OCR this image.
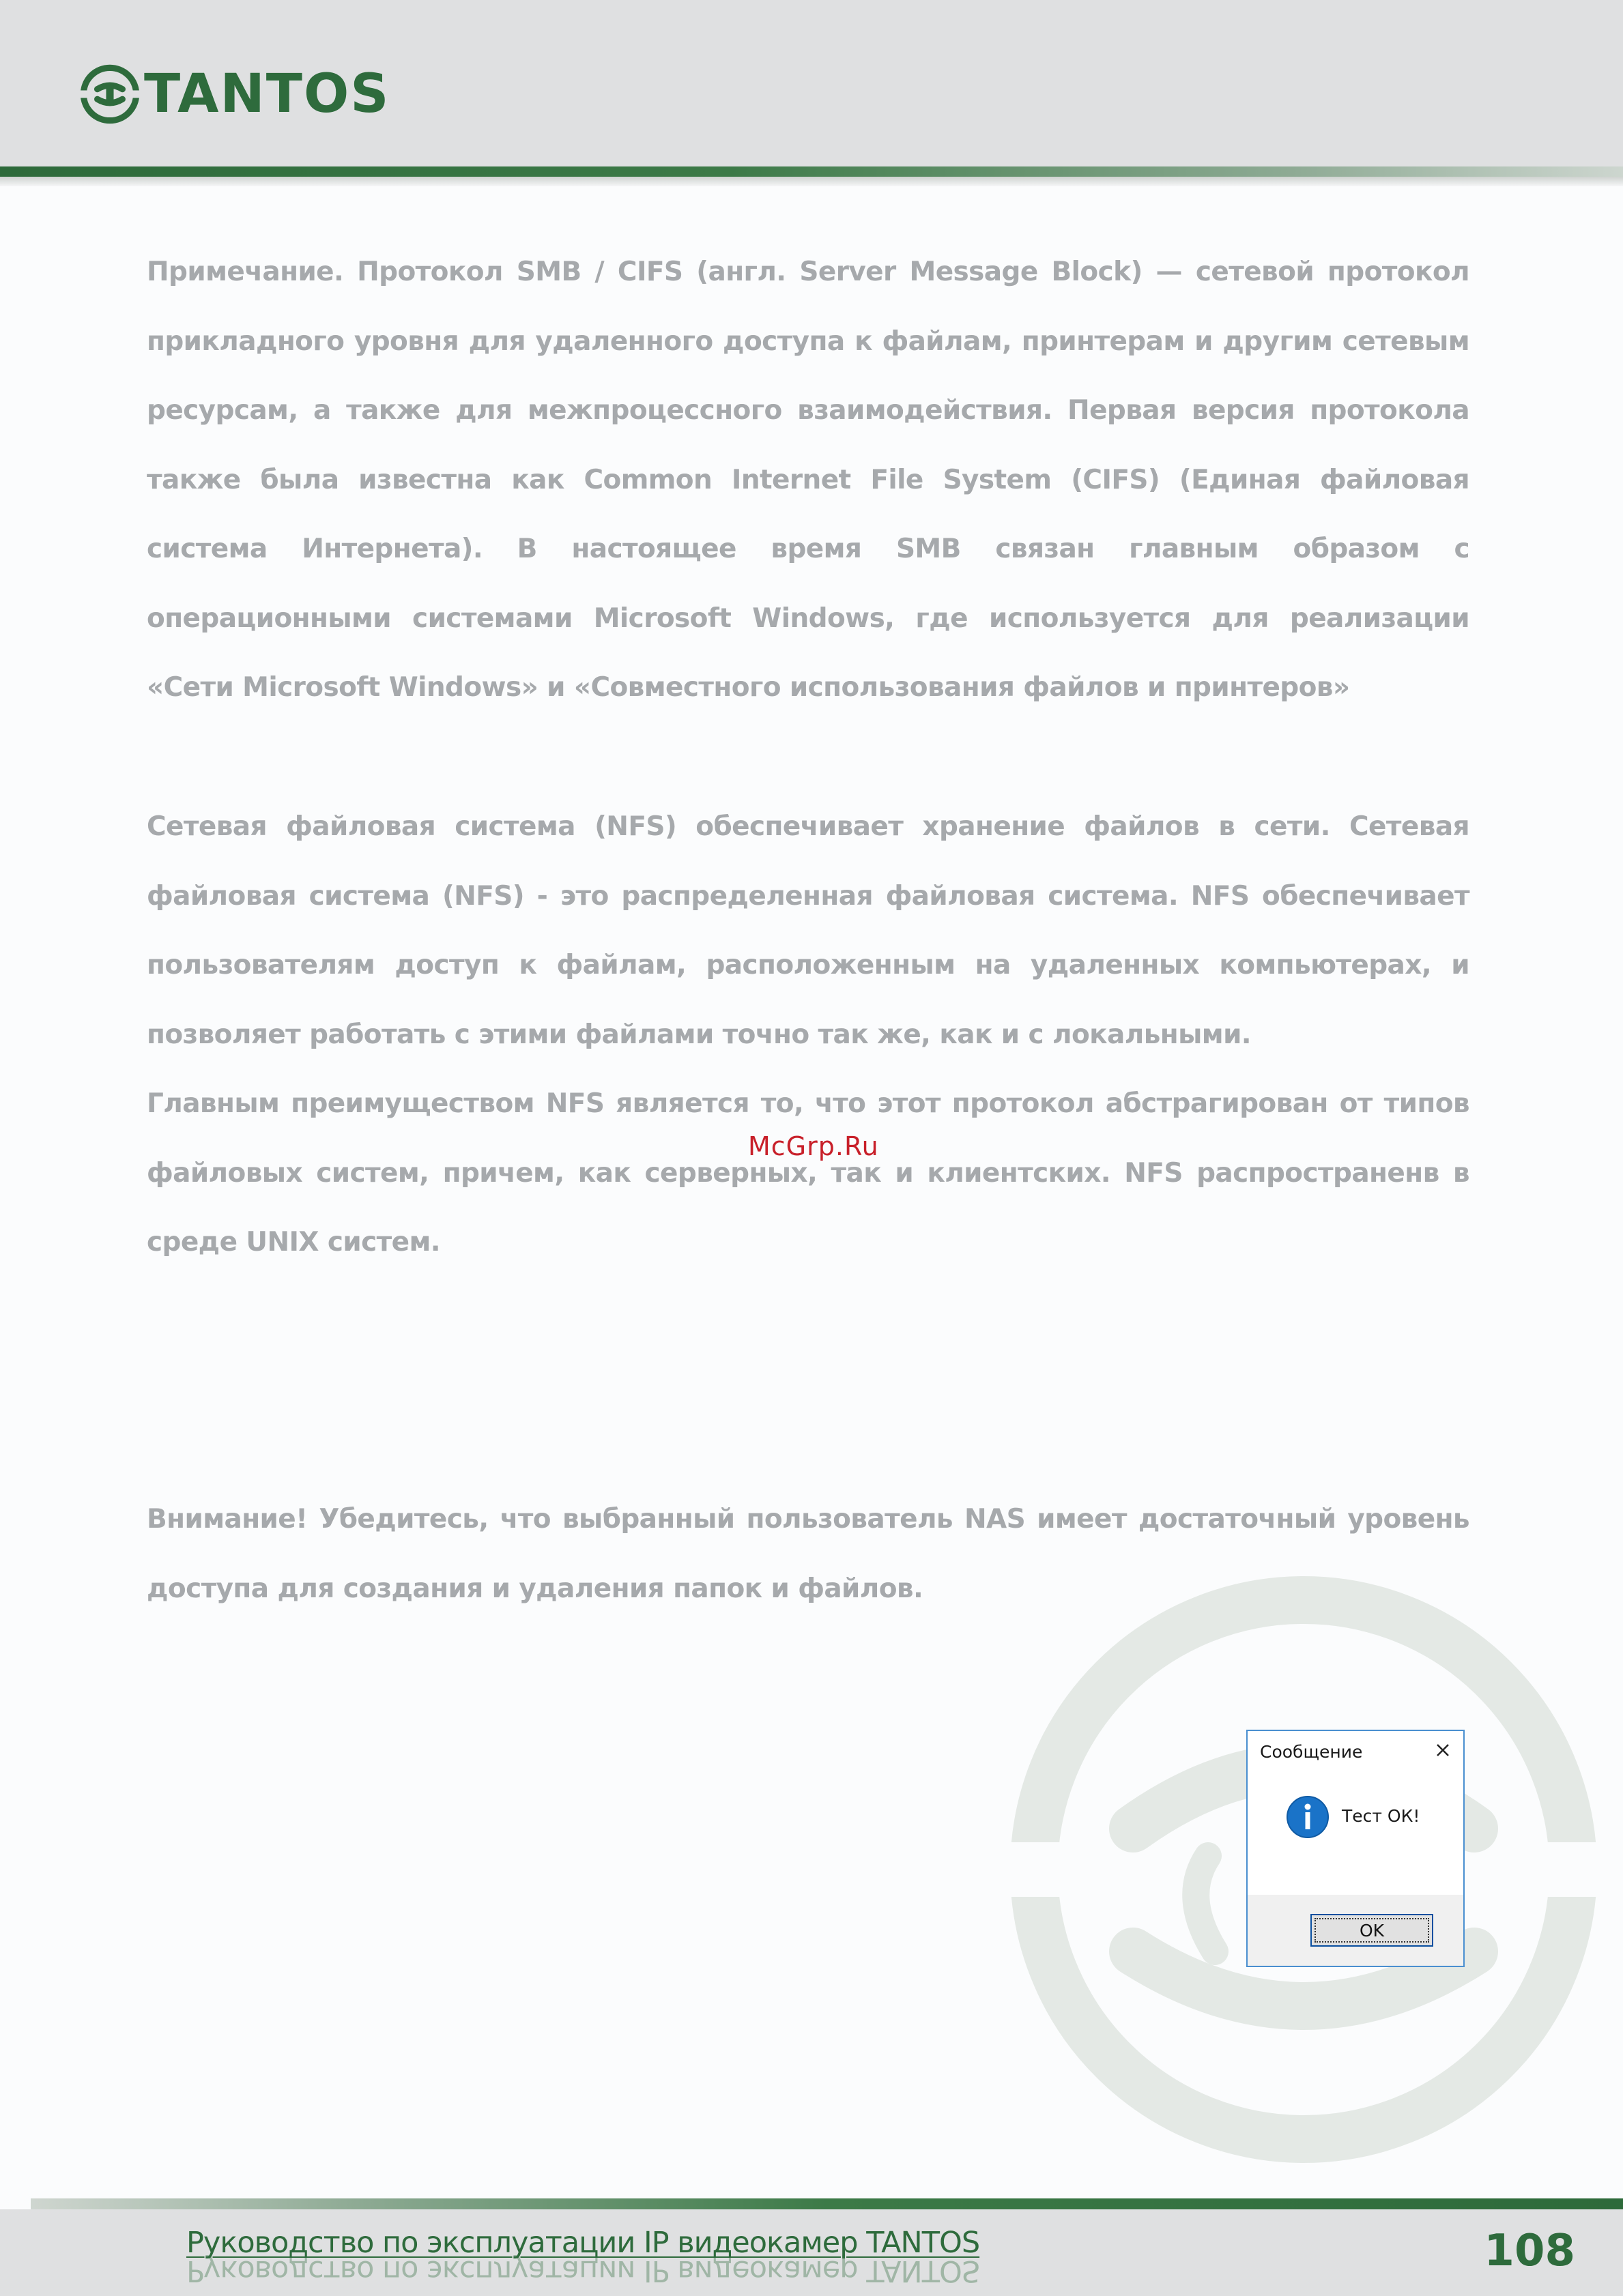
TANTOS
Примечание. Протокол SMB / CIFS (англ. Server Message Block) — сетевой протокол прикладного уровня для удаленного доступа к файлам, принтерам и другим сетевым ресурсам, а также для межпроцессного взаимодействия. Первая версия протокола также была известна как Common Internet File System (CIFS) (Единая файловая система Интернета). В настоящее время SMB связан главным образом с операционными системами Microsoft Windows, где используется для реализации «Сети Microsoft Windows» и «Совместного использования файлов и принтеров»
Сетевая файловая система (NFS) обеспечивает хранение файлов в сети. Сетевая файловая система (NFS) - это распределенная файловая система. NFS обеспечивает пользователям доступ к файлам, расположенным на удаленных компьютерах, и позволяет работать с этими файлами точно так же, как и с локальными.
Главным преимуществом NFS является то, что этот протокол абстрагирован от типов файловых систем, причем, как серверных, так и клиентских. NFS распространенв в среде UNIX систем.
Внимание! Убедитесь, что выбранный пользователь NAS имеет достаточный уровень доступа для создания и удаления папок и файлов.
McGrp.Ru
Сообщение
Тест ОК!
OK
Руководство по эксплуатации IP видеокамер TANTOS
Руководство по эксплуатации IP видеокамер TANTOS	108
